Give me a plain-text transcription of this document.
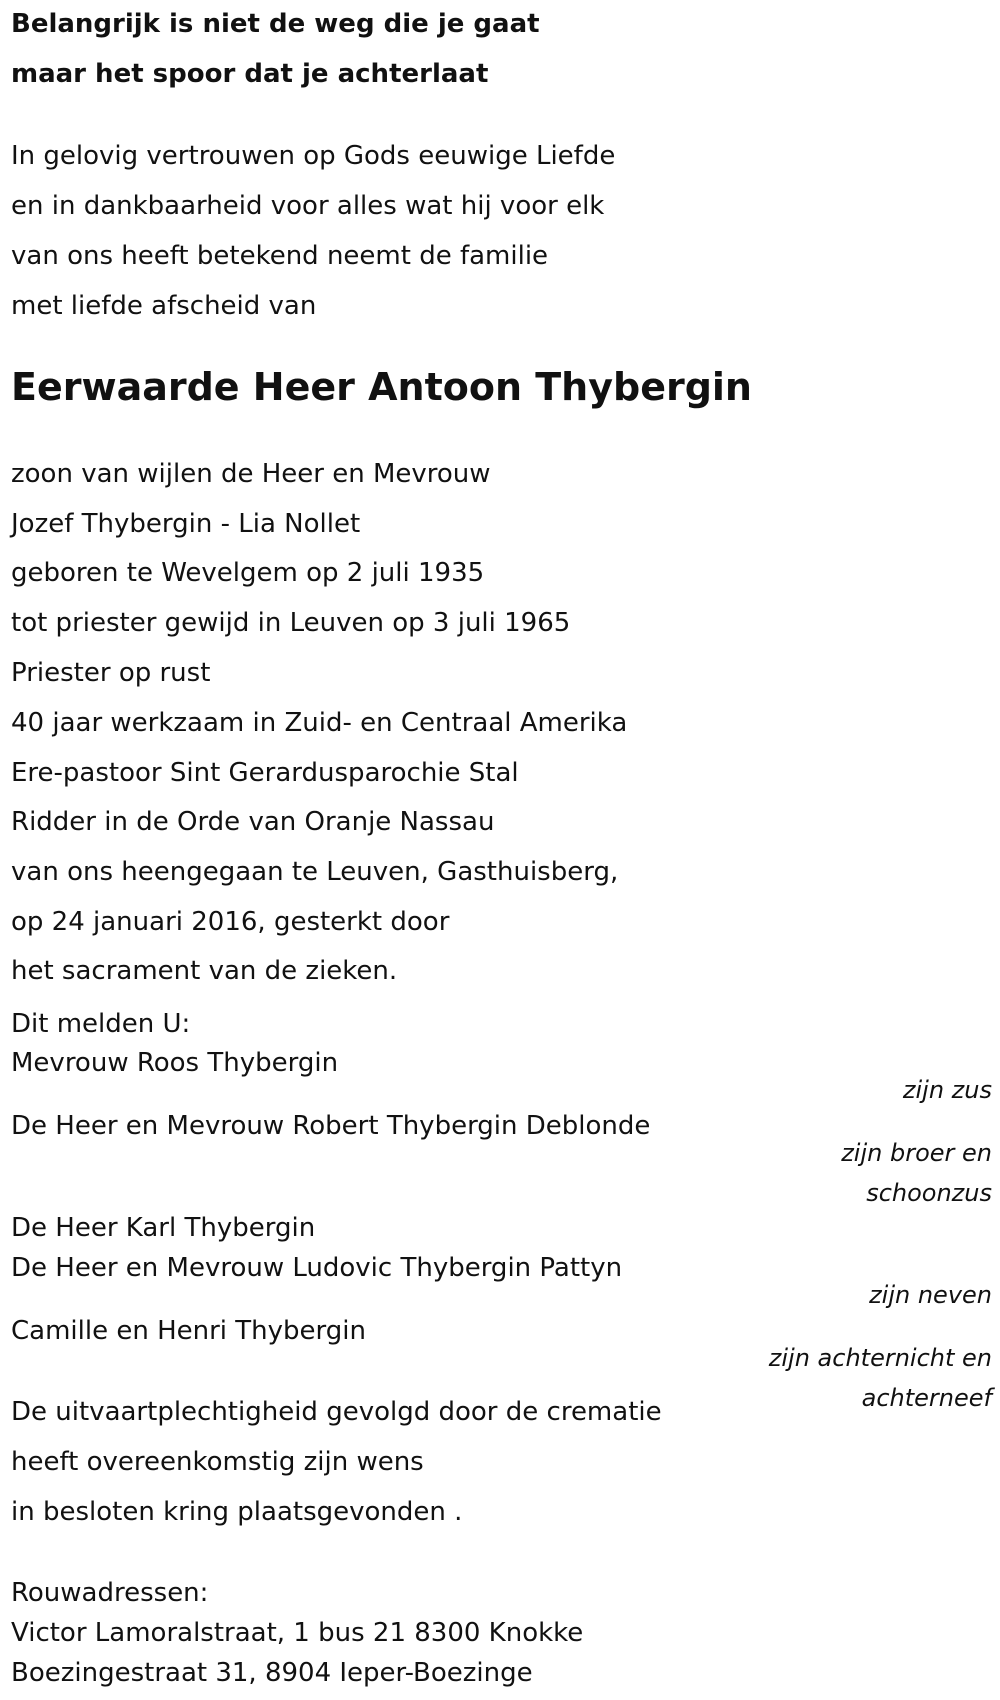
Belangrijk is niet de weg die je gaat

maar het spoor dat je achterlaat

In gelovig vertrouwen op Gods eeuwige Liefde

en in dankbaarheid voor alles wat hij voor elk

van ons heeft betekend neemt de familie

met liefde afscheid van

Eerwaarde Heer Antoon Thybergin

zoon van wijlen de Heer en Mevrouw

Jozef Thybergin - Lia Nollet

geboren te Wevelgem op 2 juli 1935

tot priester gewijd in Leuven op 3 juli 1965

Priester op rust

40 jaar werkzaam in Zuid- en Centraal Amerika

Ere-pastoor Sint Gerardusparochie Stal

Ridder in de Orde van Oranje Nassau

van ons heengegaan te Leuven, Gasthuisberg,

op 24 januari 2016, gesterkt door

het sacrament van de zieken.

Dit melden U:

Mevrouw Roos Thybergin

De Heer en Mevrouw Robert Thybergin Deblonde

De Heer Karl Thybergin

De Heer en Mevrouw Ludovic Thybergin Pattyn

Camille en Henri Thybergin

zijn zus
zijn broer en
schoonzus
zijn neven
zijn achternicht en
achterneef

De uitvaartplechtigheid gevolgd door de crematie

heeft overeenkomstig zijn wens

in besloten kring plaatsgevonden .

Rouwadressen:

Victor Lamoralstraat, 1 bus 21 8300 Knokke

Boezingestraat 31, 8904 Ieper-Boezinge
